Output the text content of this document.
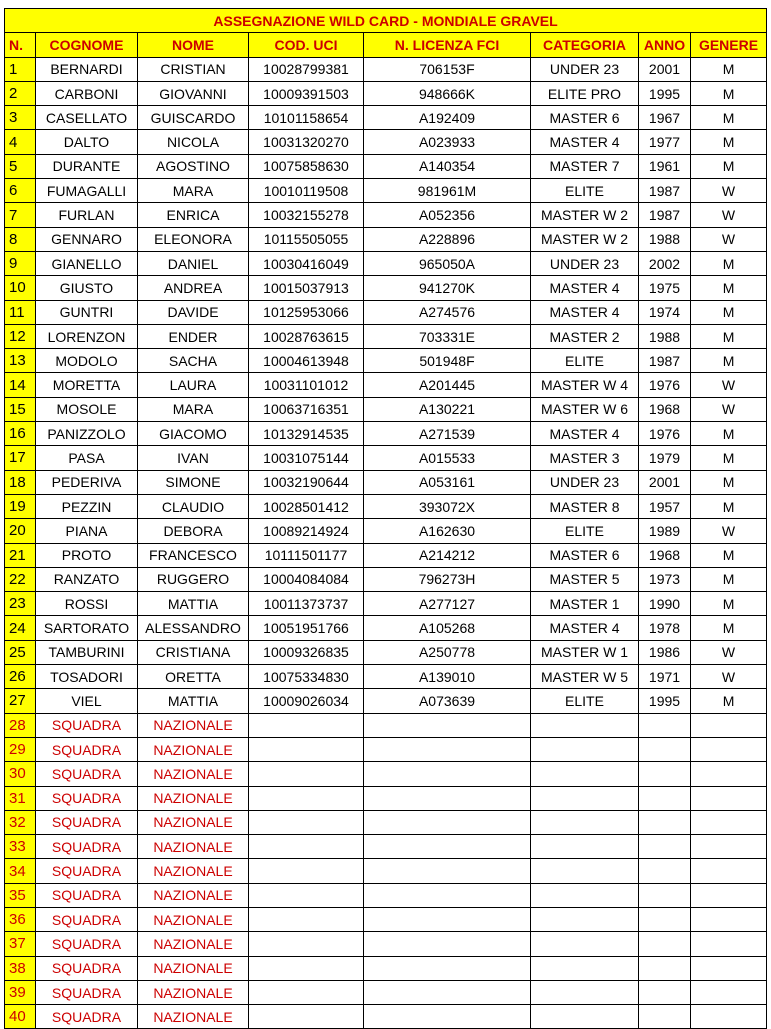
ASSEGNAZIONE WILD CARD - MONDIALE GRAVEL							
N.	COGNOME	NOME	COD. UCI	N. LICENZA FCI	CATEGORIA	ANNO	GENERE
1	BERNARDI	CRISTIAN	10028799381	706153F	UNDER 23	2001	M
2	CARBONI	GIOVANNI	10009391503	948666K	ELITE PRO	1995	M
3	CASELLATO	GUISCARDO	10101158654	A192409	MASTER 6	1967	M
4	DALTO	NICOLA	10031320270	A023933	MASTER 4	1977	M
5	DURANTE	AGOSTINO	10075858630	A140354	MASTER 7	1961	M
6	FUMAGALLI	MARA	10010119508	981961M	ELITE	1987	W
7	FURLAN	ENRICA	10032155278	A052356	MASTER W 2	1987	W
8	GENNARO	ELEONORA	10115505055	A228896	MASTER W 2	1988	W
9	GIANELLO	DANIEL	10030416049	965050A	UNDER 23	2002	M
10	GIUSTO	ANDREA	10015037913	941270K	MASTER 4	1975	M
11	GUNTRI	DAVIDE	10125953066	A274576	MASTER 4	1974	M
12	LORENZON	ENDER	10028763615	703331E	MASTER 2	1988	M
13	MODOLO	SACHA	10004613948	501948F	ELITE	1987	M
14	MORETTA	LAURA	10031101012	A201445	MASTER W 4	1976	W
15	MOSOLE	MARA	10063716351	A130221	MASTER W 6	1968	W
16	PANIZZOLO	GIACOMO	10132914535	A271539	MASTER 4	1976	M
17	PASA	IVAN	10031075144	A015533	MASTER 3	1979	M
18	PEDERIVA	SIMONE	10032190644	A053161	UNDER 23	2001	M
19	PEZZIN	CLAUDIO	10028501412	393072X	MASTER 8	1957	M
20	PIANA	DEBORA	10089214924	A162630	ELITE	1989	W
21	PROTO	FRANCESCO	10111501177	A214212	MASTER 6	1968	M
22	RANZATO	RUGGERO	10004084084	796273H	MASTER 5	1973	M
23	ROSSI	MATTIA	10011373737	A277127	MASTER 1	1990	M
24	SARTORATO	ALESSANDRO	10051951766	A105268	MASTER 4	1978	M
25	TAMBURINI	CRISTIANA	10009326835	A250778	MASTER W 1	1986	W
26	TOSADORI	ORETTA	10075334830	A139010	MASTER W 5	1971	W
27	VIEL	MATTIA	10009026034	A073639	ELITE	1995	M
28	SQUADRA	NAZIONALE					
29	SQUADRA	NAZIONALE					
30	SQUADRA	NAZIONALE					
31	SQUADRA	NAZIONALE					
32	SQUADRA	NAZIONALE					
33	SQUADRA	NAZIONALE					
34	SQUADRA	NAZIONALE					
35	SQUADRA	NAZIONALE					
36	SQUADRA	NAZIONALE					
37	SQUADRA	NAZIONALE					
38	SQUADRA	NAZIONALE					
39	SQUADRA	NAZIONALE					
40	SQUADRA	NAZIONALE					
